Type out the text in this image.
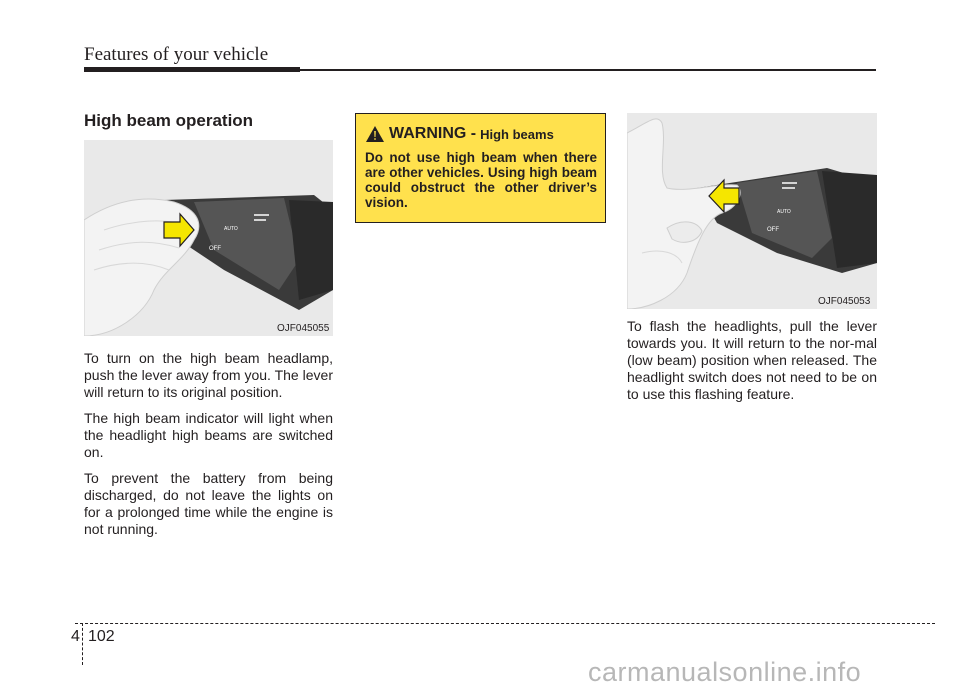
Features of your vehicle
High beam operation
OFF
AUTO
OJF045055

To turn on the high beam headlamp, push the lever away from you. The lever will return to its original position.

The high beam indicator will light when the headlight high beams are switched on.

To prevent the battery from being discharged, do not leave the lights on for a prolonged time while the engine is not running.

WARNING - High beams

Do not use high beam when there are other vehicles. Using high beam could obstruct the other driver’s vision.

AUTO
OFF
OJF045053

To flash the headlights, pull the lever towards you. It will return to the nor-mal (low beam) position when released. The headlight switch does not need to be on to use this flashing feature.

4 102
carmanualsonline.info
